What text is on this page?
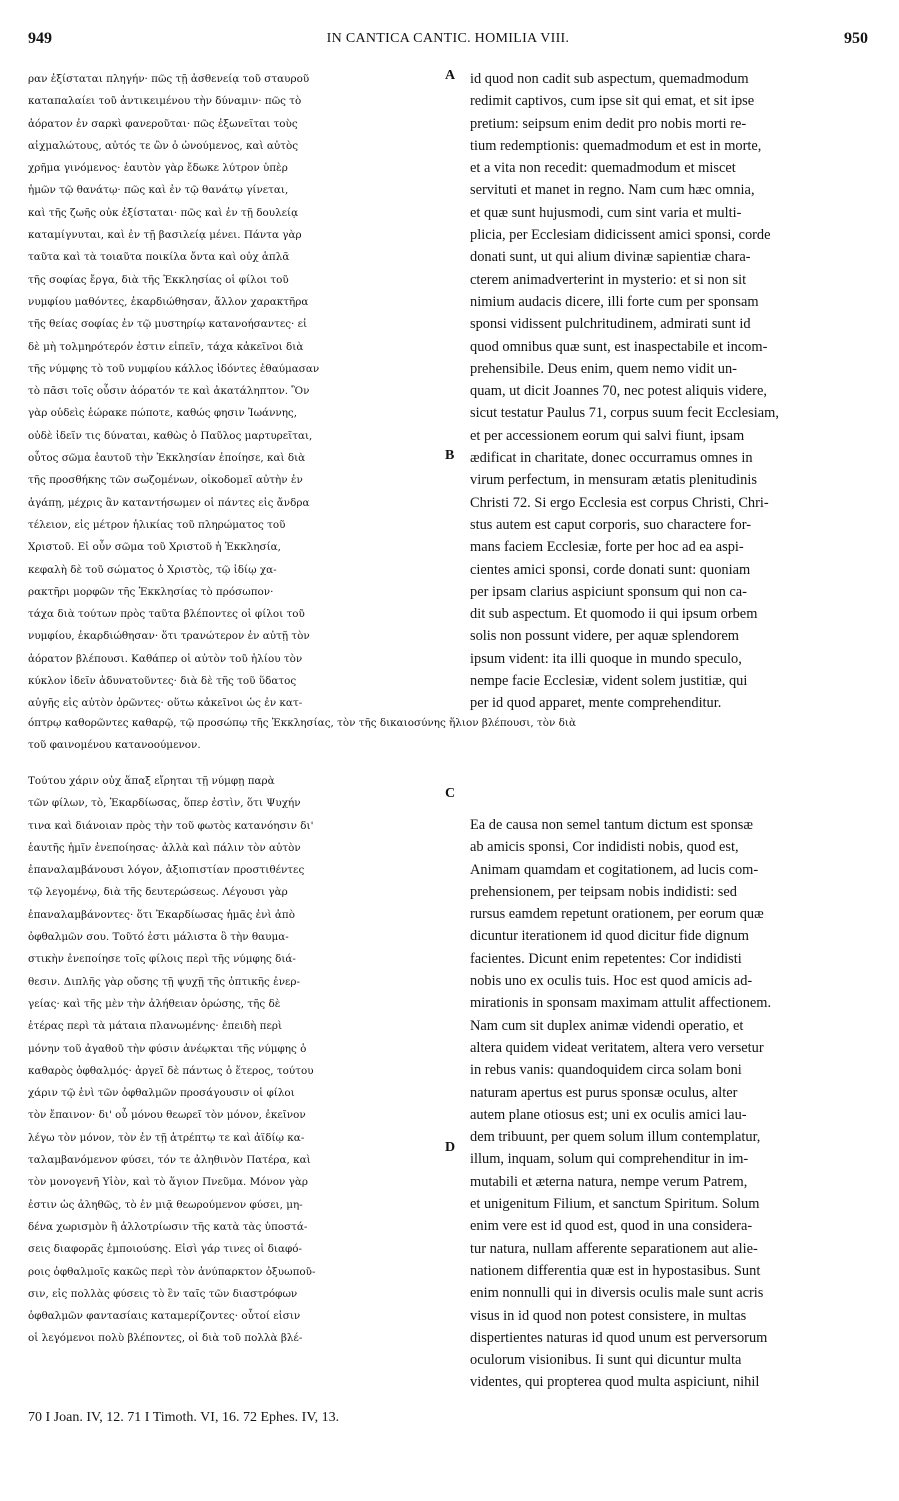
949	IN CANTICA CANTIC. HOMILIA VIII.	950
ραν ἐξίσταται πληγήν· πῶς τῇ ἀσθενείᾳ τοῦ σταυροῦ
καταπαλαίει τοῦ ἀντικειμένου τὴν δύναμιν· πῶς τὸ
ἀόρατον ἐν σαρκὶ φανεροῦται· πῶς ἐξωνεῖται τοὺς
αἰχμαλώτους, αὐτός τε ὢν ὁ ὠνούμενος, καὶ αὐτὸς
χρῆμα γινόμενος· ἑαυτὸν γὰρ ἔδωκε λύτρον ὑπὲρ
ἡμῶν τῷ θανάτῳ· πῶς καὶ ἐν τῷ θανάτῳ γίνεται,
καὶ τῆς ζωῆς οὐκ ἐξίσταται· πῶς καὶ ἐν τῇ δουλείᾳ
καταμίγνυται, καὶ ἐν τῇ βασιλείᾳ μένει. Πάντα γὰρ
ταῦτα καὶ τὰ τοιαῦτα ποικίλα ὄντα καὶ οὐχ ἁπλᾶ
τῆς σοφίας ἔργα, διὰ τῆς Ἐκκλησίας οἱ φίλοι τοῦ
νυμφίου μαθόντες, ἐκαρδιώθησαν, ἄλλον χαρακτῆρα
τῆς θείας σοφίας ἐν τῷ μυστηρίῳ κατανοήσαντες· εἰ
δὲ μὴ τολμηρότερόν ἐστιν εἰπεῖν, τάχα κἀκεῖνοι διὰ
τῆς νύμφης τὸ τοῦ νυμφίου κάλλος ἰδόντες ἐθαύμασαν
τὸ πᾶσι τοῖς οὖσιν ἀόρατόν τε καὶ ἀκατάληπτον. Ὃν
γὰρ οὐδεὶς ἑώρακε πώποτε, καθώς φησιν Ἰωάννης,
οὐδὲ ἰδεῖν τις δύναται, καθὼς ὁ Παῦλος μαρτυρεῖται,
οὗτος σῶμα ἑαυτοῦ τὴν Ἐκκλησίαν ἐποίησε, καὶ διὰ
τῆς προσθήκης τῶν σωζομένων, οἰκοδομεῖ αὐτὴν ἐν
ἀγάπῃ, μέχρις ἂν καταντήσωμεν οἱ πάντες εἰς ἄνδρα
τέλειον, εἰς μέτρον ἡλικίας τοῦ πληρώματος τοῦ
Χριστοῦ. Εἰ οὖν σῶμα τοῦ Χριστοῦ ἡ Ἐκκλησία,
κεφαλὴ δὲ τοῦ σώματος ὁ Χριστὸς, τῷ ἰδίῳ χα-
ρακτῆρι μορφῶν τῆς Ἐκκλησίας τὸ πρόσωπον·
τάχα διὰ τούτων πρὸς ταῦτα βλέποντες οἱ φίλοι τοῦ
νυμφίου, ἐκαρδιώθησαν· ὅτι τρανώτερον ἐν αὐτῇ τὸν
ἀόρατον βλέπουσι. Καθάπερ οἱ αὐτὸν τοῦ ἡλίου τὸν
κύκλον ἰδεῖν ἀδυνατοῦντες· διὰ δὲ τῆς τοῦ ὕδατος
αὐγῆς εἰς αὐτὸν ὁρῶντες· οὕτω κἀκεῖνοι ὡς ἐν κατ-
id quod non cadit sub aspectum, quemadmodum
redimit captivos, cum ipse sit qui emat, et sit ipse
pretium: seipsum enim dedit pro nobis morti re-
tium redemptionis: quemadmodum et est in morte,
et a vita non recedit: quemadmodum et miscet
servituti et manet in regno. Nam cum hæc omnia,
et quæ sunt hujusmodi, cum sint varia et multi-
plicia, per Ecclesiam didicissent amici sponsi, corde
donati sunt, ut qui alium divinæ sapientiæ chara-
cterem animadverterint in mysterio: et si non sit
nimium audacis dicere, illi forte cum per sponsam
sponsi vidissent pulchritudinem, admirati sunt id
quod omnibus quæ sunt, est inaspectabile et incom-
prehensibile. Deus enim, quem nemo vidit un-
quam, ut dicit Joannes 70, nec potest aliquis videre,
sicut testatur Paulus 71, corpus suum fecit Ecclesiam,
et per accessionem eorum qui salvi fiunt, ipsam
ædificat in charitate, donec occurramus omnes in
virum perfectum, in mensuram ætatis plenitudinis
Christi 72. Si ergo Ecclesia est corpus Christi, Chri-
stus autem est caput corporis, suo charactere for-
mans faciem Ecclesiæ, forte per hoc ad ea aspi-
cientes amici sponsi, corde donati sunt: quoniam
per ipsam clarius aspiciunt sponsum qui non ca-
dit sub aspectum. Et quomodo ii qui ipsum orbem
solis non possunt videre, per aquæ splendorem
ipsum vident: ita illi quoque in mundo speculo,
nempe facie Ecclesiæ, vident solem justitiæ, qui
per id quod apparet, mente comprehenditur.
όπτρῳ καθορῶντες καθαρῷ, τῷ προσώπῳ τῆς Ἐκκλησίας, τὸν τῆς δικαιοσύνης ἥλιον βλέπουσι, τὸν διὰ
τοῦ φαινομένου κατανοούμενον.
Τούτου χάριν οὐχ ἅπαξ εἴρηται τῇ νύμφῃ παρὰ
τῶν φίλων, τὸ, Ἐκαρδίωσας, ὅπερ ἐστὶν, ὅτι Ψυχήν
τινα καὶ διάνοιαν πρὸς τὴν τοῦ φωτὸς κατανόησιν δι'
ἑαυτῆς ἡμῖν ἐνεποίησας· ἀλλὰ καὶ πάλιν τὸν αὐτὸν
ἐπαναλαμβάνουσι λόγον, ἀξιοπιστίαν προστιθέντες
τῷ λεγομένῳ, διὰ τῆς δευτερώσεως. Λέγουσι γὰρ
ἐπαναλαμβάνοντες· ὅτι Ἐκαρδίωσας ἡμᾶς ἐνὶ ἀπὸ
ὀφθαλμῶν σου. Τοῦτό ἐστι μάλιστα ὃ τὴν θαυμα-
στικὴν ἐνεποίησε τοῖς φίλοις περὶ τῆς νύμφης διά-
θεσιν. Διπλῆς γὰρ οὔσης τῇ ψυχῇ τῆς ὀπτικῆς ἐνερ-
γείας· καὶ τῆς μὲν τὴν ἀλήθειαν ὁρώσης, τῆς δὲ
ἑτέρας περὶ τὰ μάταια πλανωμένης· ἐπειδὴ περὶ
μόνην τοῦ ἀγαθοῦ τὴν φύσιν ἀνέῳκται τῆς νύμφης ὁ
καθαρὸς ὀφθαλμός· ἀργεῖ δὲ πάντως ὁ ἕτερος, τούτου
χάριν τῷ ἑνὶ τῶν ὀφθαλμῶν προσάγουσιν οἱ φίλοι
τὸν ἔπαινον· δι' οὗ μόνου θεωρεῖ τὸν μόνον, ἐκεῖνον
λέγω τὸν μόνον, τὸν ἐν τῇ ἀτρέπτῳ τε καὶ ἀϊδίῳ κα-
ταλαμβανόμενον φύσει, τόν τε ἀληθινὸν Πατέρα, καὶ
τὸν μονογενῆ Υἱὸν, καὶ τὸ ἅγιον Πνεῦμα. Μόνον γὰρ
ἐστιν ὡς ἀληθῶς, τὸ ἐν μιᾷ θεωρούμενον φύσει, μη-
δένα χωρισμὸν ἢ ἀλλοτρίωσιν τῆς κατὰ τὰς ὑποστά-
σεις διαφορᾶς ἐμποιούσης. Εἰσὶ γάρ τινες οἱ διαφό-
ροις ὀφθαλμοῖς κακῶς περὶ τὸν ἀνύπαρκτον ὀξυωποῦ-
σιν, εἰς πολλὰς φύσεις τὸ ἓν ταῖς τῶν διαστρόφων
ὀφθαλμῶν φαντασίαις καταμερίζοντες· οὗτοί εἰσιν
οἱ λεγόμενοι πολὺ βλέποντες, οἱ διὰ τοῦ πολλὰ βλέ-
Ea de causa non semel tantum dictum est sponsæ
ab amicis sponsi, Cor indidisti nobis, quod est,
Animam quamdam et cogitationem, ad lucis com-
prehensionem, per teipsam nobis indidisti: sed
rursus eamdem repetunt orationem, per eorum quæ
dicuntur iterationem id quod dicitur fide dignum
facientes. Dicunt enim repetentes: Cor indidisti
nobis uno ex oculis tuis. Hoc est quod amicis ad-
mirationis in sponsam maximam attulit affectionem.
Nam cum sit duplex animæ videndi operatio, et
altera quidem videat veritatem, altera vero versetur
in rebus vanis: quandoquidem circa solam boni
naturam apertus est purus sponsæ oculus, alter
autem plane otiosus est; uni ex oculis amici lau-
dem tribuunt, per quem solum illum contemplatur,
illum, inquam, solum qui comprehenditur in im-
mutabili et æterna natura, nempe verum Patrem,
et unigenitum Filium, et sanctum Spiritum. Solum
enim vere est id quod est, quod in una considera-
tur natura, nullam afferente separationem aut alie-
nationem differentia quæ est in hypostasibus. Sunt
enim nonnulli qui in diversis oculis male sunt acris
visus in id quod non potest consistere, in multas
dispertientes naturas id quod unum est perversorum
oculorum visionibus. Ii sunt qui dicuntur multa
videntes, qui propterea quod multa aspiciunt, nihil
A
B
C
D
70 I Joan. IV, 12. 71 I Timoth. VI, 16. 72 Ephes. IV, 13.
